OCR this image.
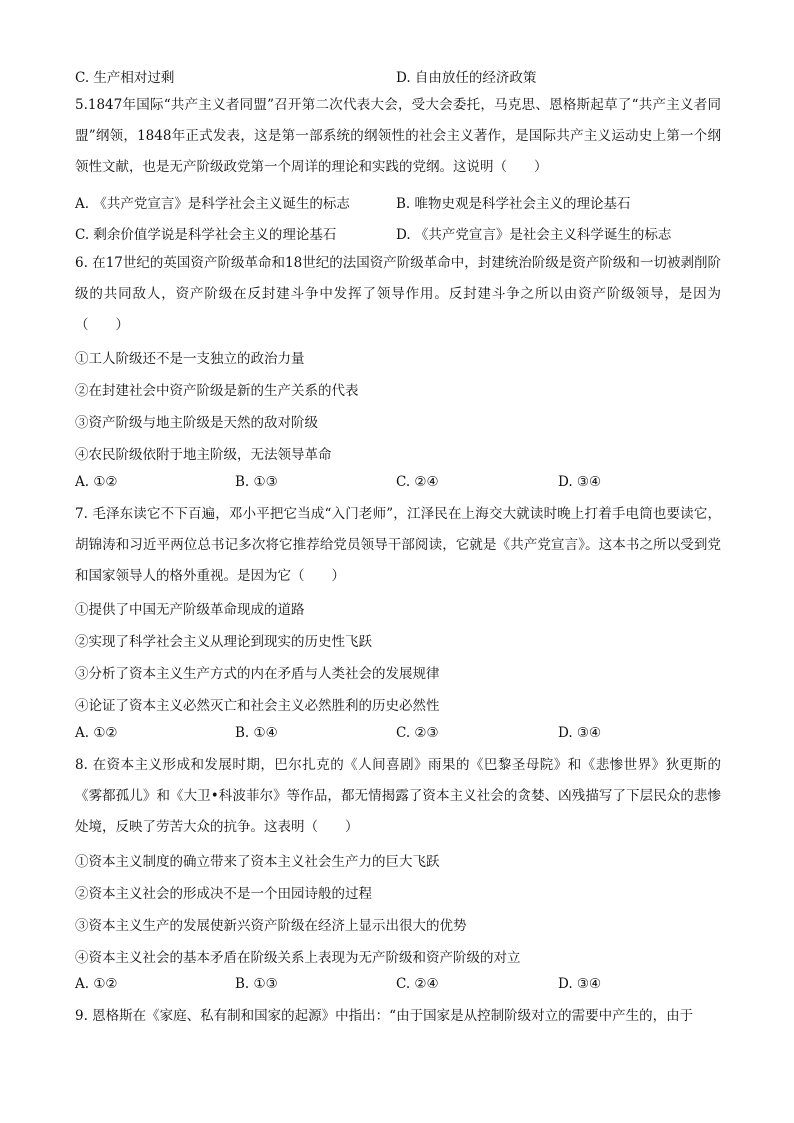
C. 生产相对过剩	D. 自由放任的经济政策
5.1847年国际“共产主义者同盟”召开第二次代表大会，受大会委托，马克思、恩格斯起草了“共产主义者同盟”纲领，1848年正式发表，这是第一部系统的纲领性的社会主义著作，是国际共产主义运动史上第一个纲领性文献，也是无产阶级政党第一个周详的理论和实践的党纲。这说明（　　）
A. 《共产党宣言》是科学社会主义诞生的标志	B. 唯物史观是科学社会主义的理论基石
C. 剩余价值学说是科学社会主义的理论基石	D. 《共产党宣言》是社会主义科学诞生的标志
6. 在17世纪的英国资产阶级革命和18世纪的法国资产阶级革命中，封建统治阶级是资产阶级和一切被剥削阶级的共同敌人，资产阶级在反封建斗争中发挥了领导作用。反封建斗争之所以由资产阶级领导，是因为（　　）
①工人阶级还不是一支独立的政治力量
②在封建社会中资产阶级是新的生产关系的代表
③资产阶级与地主阶级是天然的敌对阶级
④农民阶级依附于地主阶级，无法领导革命
A. ①②	B. ①③	C. ②④	D. ③④
7. 毛泽东读它不下百遍，邓小平把它当成“入门老师”，江泽民在上海交大就读时晚上打着手电筒也要读它，胡锦涛和习近平两位总书记多次将它推荐给党员领导干部阅读，它就是《共产党宣言》。这本书之所以受到党和国家领导人的格外重视。是因为它（　　）
①提供了中国无产阶级革命现成的道路
②实现了科学社会主义从理论到现实的历史性飞跃
③分析了资本主义生产方式的内在矛盾与人类社会的发展规律
④论证了资本主义必然灭亡和社会主义必然胜利的历史必然性
A. ①②	B. ①④	C. ②③	D. ③④
8. 在资本主义形成和发展时期，巴尔扎克的《人间喜剧》雨果的《巴黎圣母院》和《悲惨世界》狄更斯的《雾都孤儿》和《大卫•科波菲尔》等作品，都无情揭露了资本主义社会的贪婪、凶残描写了下层民众的悲惨处境，反映了劳苦大众的抗争。这表明（　　）
①资本主义制度的确立带来了资本主义社会生产力的巨大飞跃
②资本主义社会的形成决不是一个田园诗般的过程
③资本主义生产的发展使新兴资产阶级在经济上显示出很大的优势
④资本主义社会的基本矛盾在阶级关系上表现为无产阶级和资产阶级的对立
A. ①②	B. ①③	C. ②④	D. ③④
9. 恩格斯在《家庭、私有制和国家的起源》中指出：“由于国家是从控制阶级对立的需要中产生的，由于
